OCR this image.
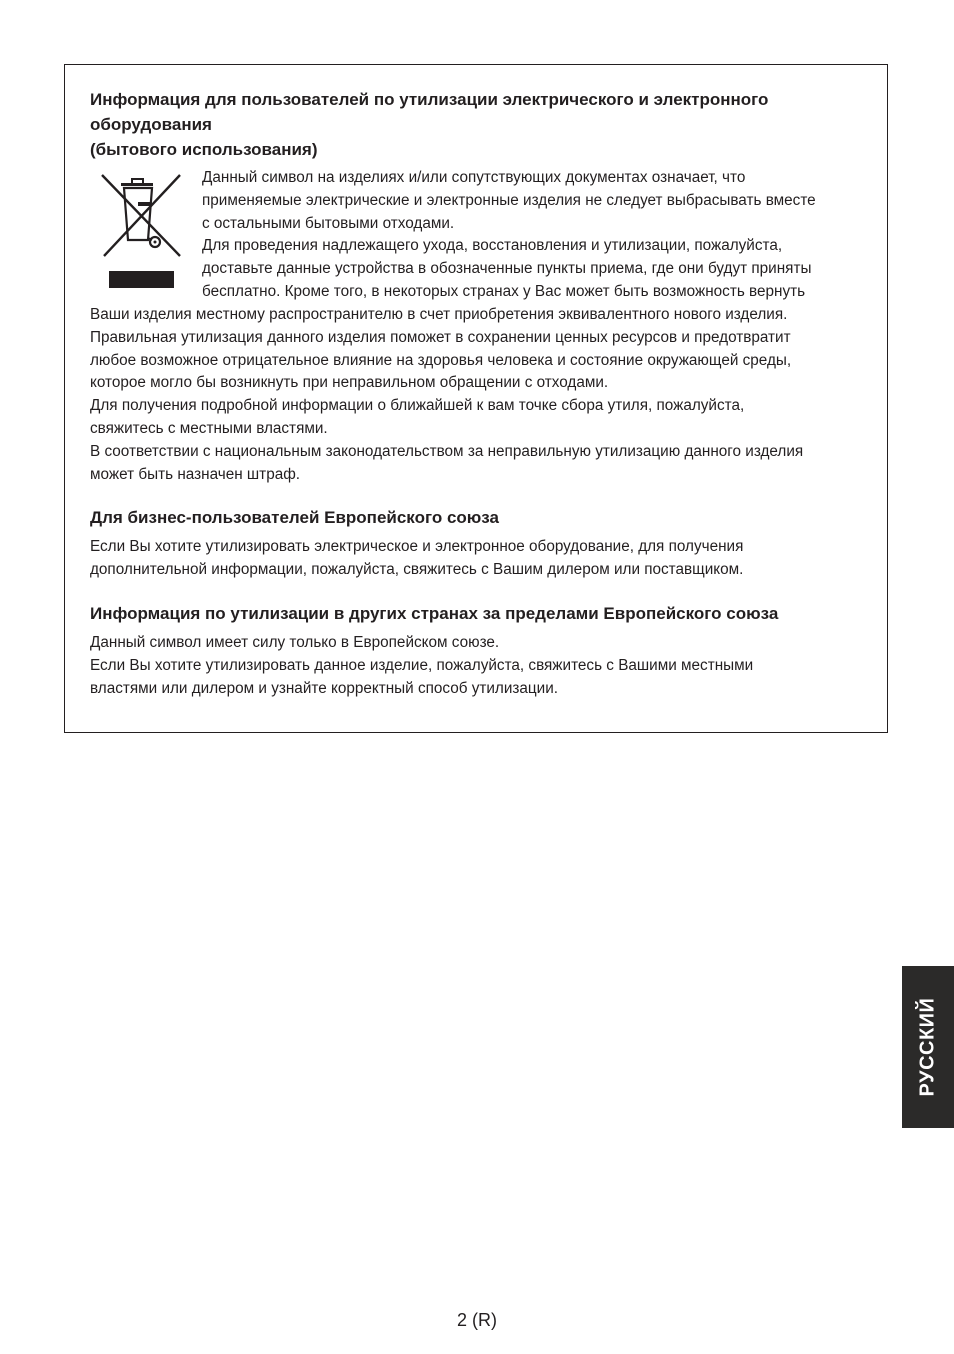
Информация для пользователей по утилизации электрического и электронного
оборудования
(бытового использования)
Данный символ на изделиях и/или сопутствующих документах означает, что
применяемые электрические и электронные изделия не следует выбрасывать вместе
с остальными бытовыми отходами.
Для проведения надлежащего ухода, восстановления и утилизации, пожалуйста,
доставьте данные устройства в обозначенные пункты приема, где они будут приняты
бесплатно. Кроме того, в некоторых странах у Вас может быть возможность вернуть
Ваши изделия местному распространителю в счет приобретения эквивалентного нового изделия.
Правильная утилизация данного изделия поможет в сохранении ценных ресурсов и предотвратит
любое возможное отрицательное влияние на здоровья человека и состояние окружающей среды,
которое могло бы возникнуть при неправильном обращении с отходами.
Для получения подробной информации о ближайшей к вам точке сбора утиля, пожалуйста,
свяжитесь с местными властями.
В соответствии с национальным законодательством за неправильную утилизацию данного изделия
может быть назначен штраф.
Для бизнес-пользователей Европейского союза
Если Вы хотите утилизировать электрическое и электронное оборудование, для получения
дополнительной информации, пожалуйста, свяжитесь с Вашим дилером или поставщиком.
Информация по утилизации в других странах за пределами Европейского союза
Данный символ имеет силу только в Европейском союзе.
Если Вы хотите утилизировать данное изделие, пожалуйста, свяжитесь с Вашими местными
властями или дилером и узнайте корректный способ утилизации.
РУССКИЙ
2 (R)
